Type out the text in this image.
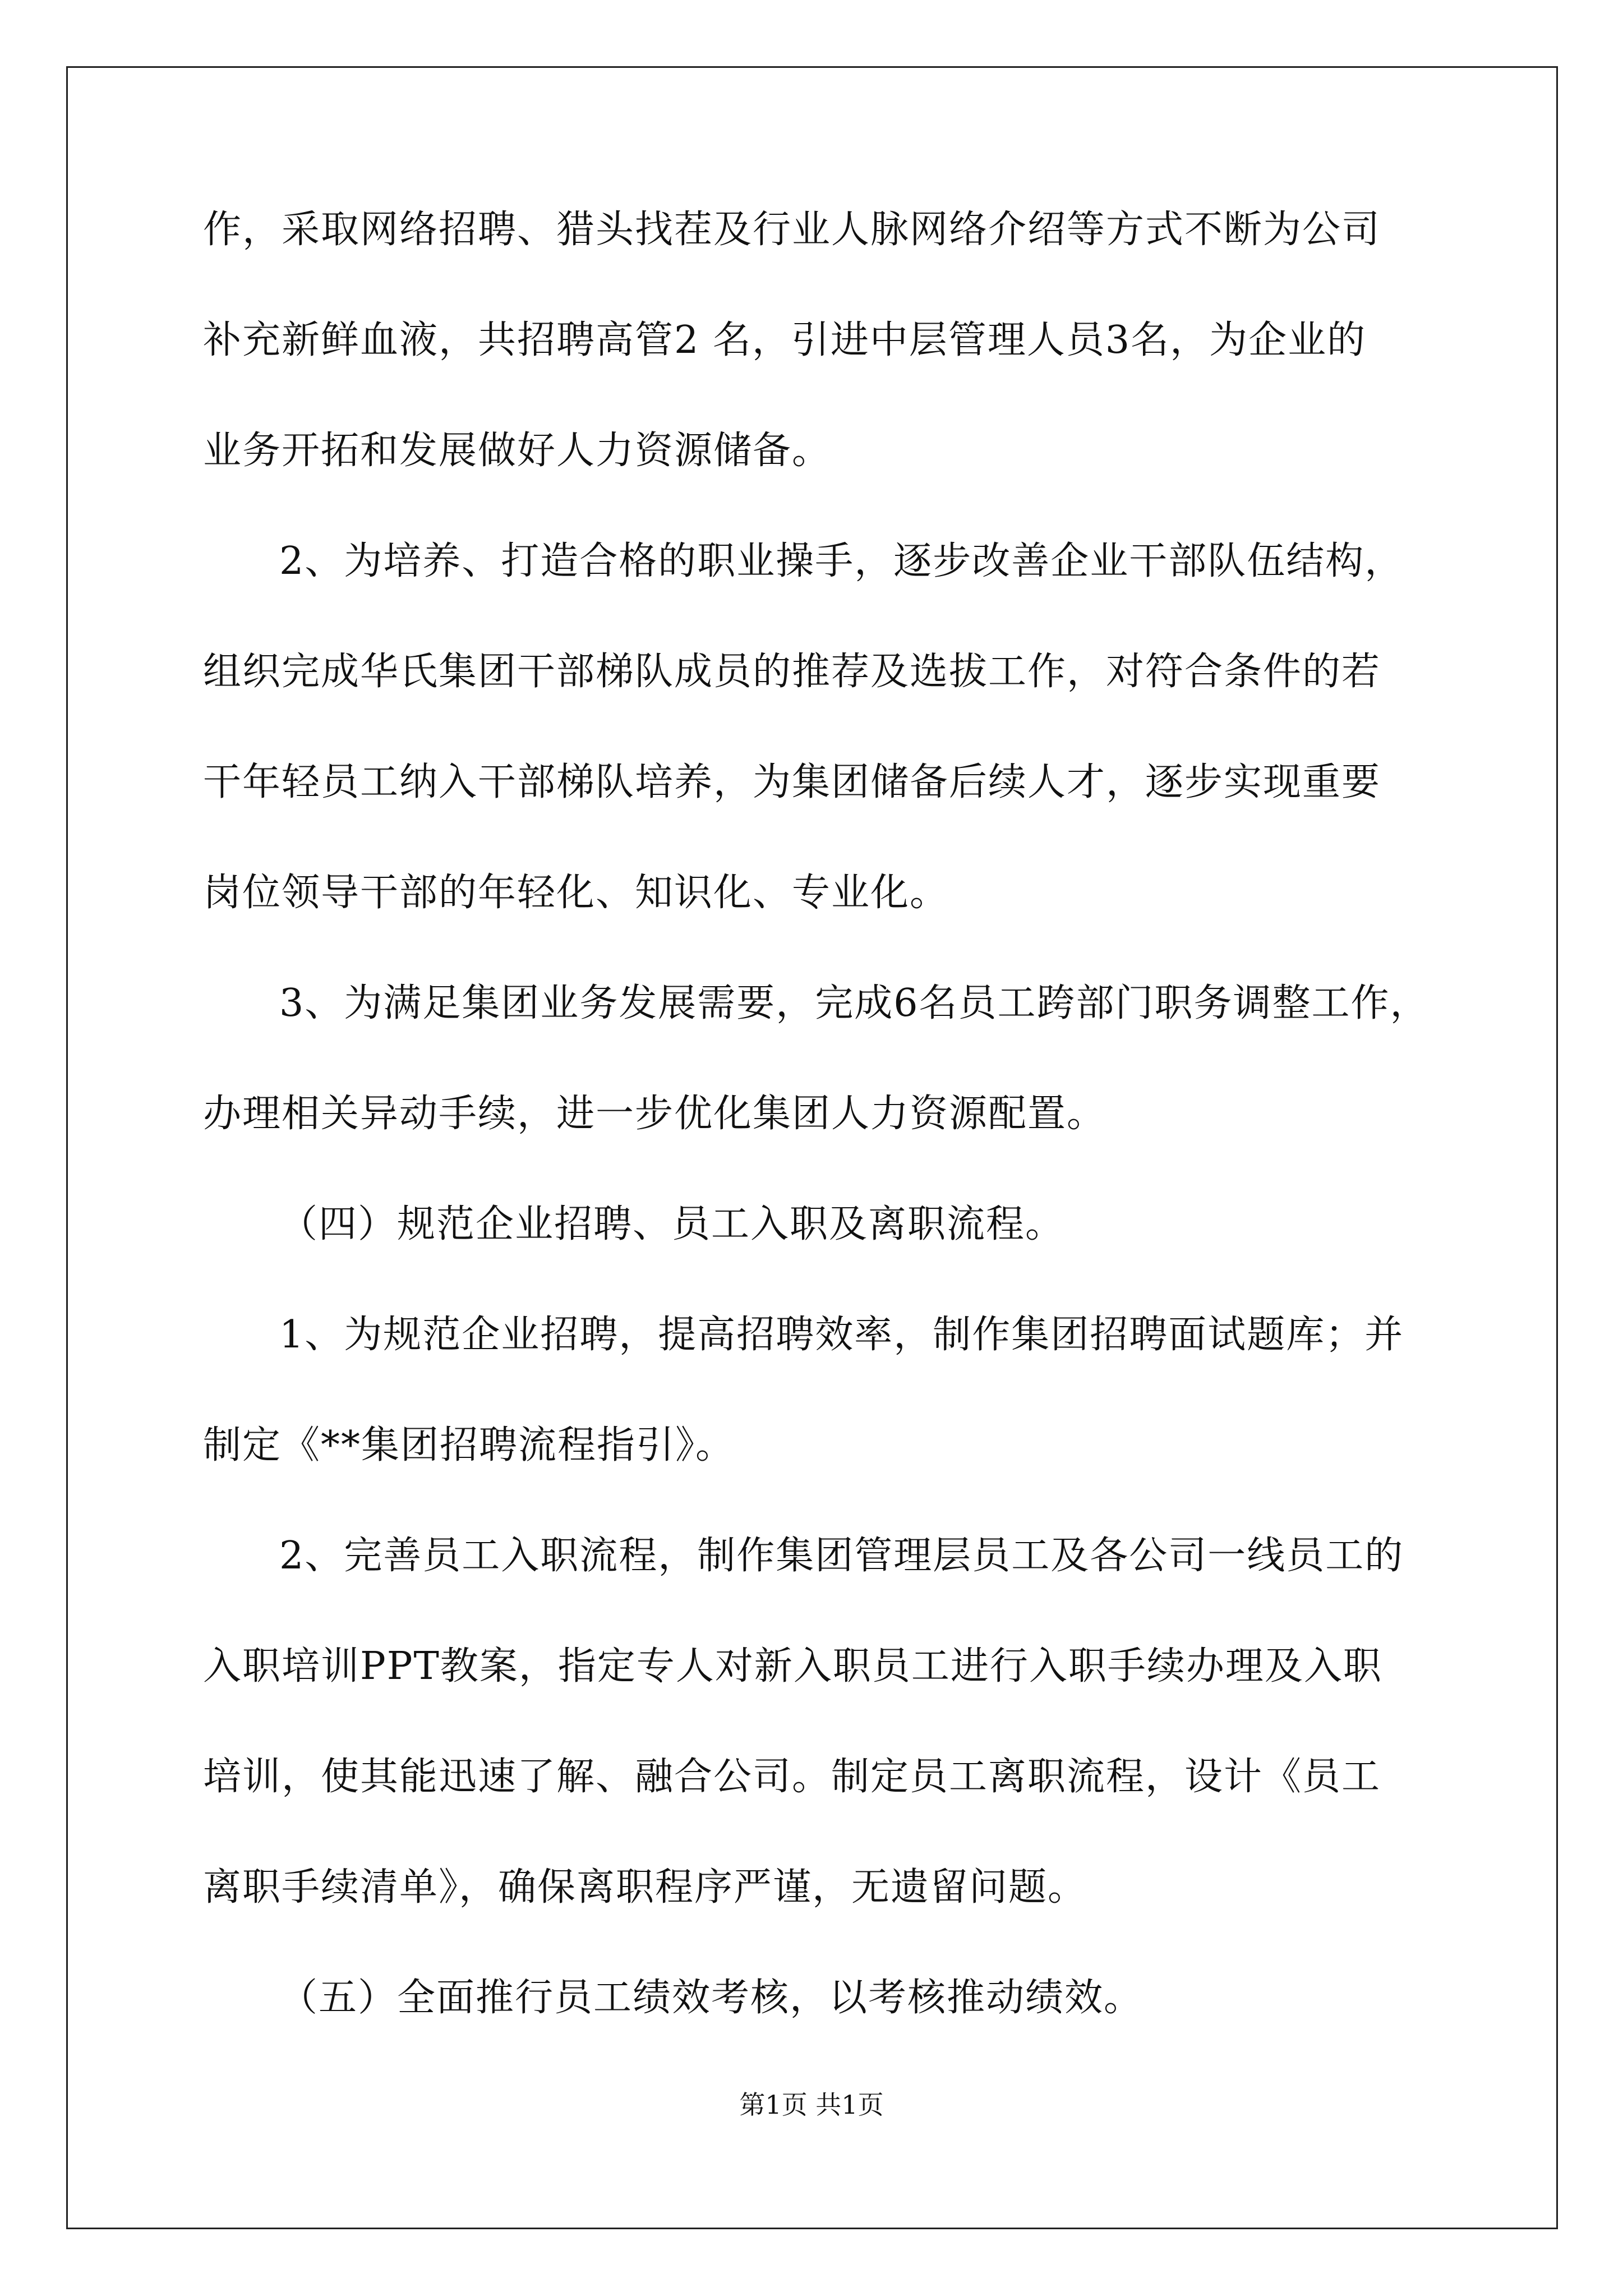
作，采取网络招聘、猎头找茬及行业人脉网络介绍等方式不断为公司
补充新鲜血液，共招聘高管2 名，引进中层管理人员3名，为企业的
业务开拓和发展做好人力资源储备。
2、为培养、打造合格的职业操手，逐步改善企业干部队伍结构，
组织完成华氏集团干部梯队成员的推荐及选拔工作，对符合条件的若
干年轻员工纳入干部梯队培养，为集团储备后续人才，逐步实现重要
岗位领导干部的年轻化、知识化、专业化。
3、为满足集团业务发展需要，完成6名员工跨部门职务调整工作，
办理相关异动手续，进一步优化集团人力资源配置。
（四）规范企业招聘、员工入职及离职流程。
1、为规范企业招聘，提高招聘效率，制作集团招聘面试题库；并
制定《**集团招聘流程指引》。
2、完善员工入职流程，制作集团管理层员工及各公司一线员工的
入职培训PPT教案，指定专人对新入职员工进行入职手续办理及入职
培训，使其能迅速了解、融合公司。制定员工离职流程，设计《员工
离职手续清单》，确保离职程序严谨，无遗留问题。
（五）全面推行员工绩效考核，以考核推动绩效。
第1页 共1页
